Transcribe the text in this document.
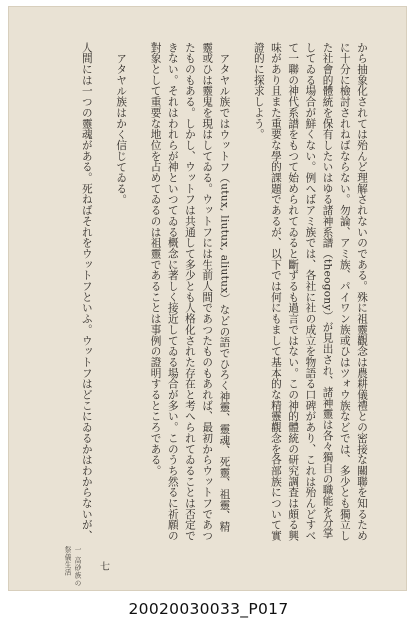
から抽象化されては殆んど理解されないのである。殊に祖靈觀念は農耕儀禮との密接な關聯を知るために十分に檢討されねばならない。勿論、アミ族、パイワン族或ひはツォウ族などでは、多少とも獨立した社會的體統を保有したいはゆる諸神系譜（theogony）が見出され、諸神靈は各々獨自の職能を分掌してゐる場合が鮮くない。例へばアミ族では、各社に社の成立を物語る口碑があり、これは殆んどすべて一聯の神代系譜をもつて始められてゐると斷ずるも過言ではない。この神的體統の研究調査は頗る興味があり且また重要な學的課題であるが、以下では何にもまして基本的な精靈觀念を各部族について實證的に探求しよう。

アタヤル族ではウットフ（utux, liutux, aliutux）などの語でひろく神靈、靈魂、死靈、祖靈、精靈或ひは靈鬼を現はしてゐる。ウットフには生前人間であつたものもあれば、最初からウットフであつたものもある。しかし、ウットフは共通して多少とも人格化された存在と考へられてゐることは否定できない。それはわれらが神といつてゐる概念に著しく接近してゐる場合が多い。このうち然るに祈願の對象として重要な地位を占めてゐるのは祖靈であることは事例の證明するところである。

アタヤル族はかく信じてゐる。

人間には一つの靈魂がある。死ねばそれをウットフといふ。ウットフはどこにゐるかはわからないが、

一 高砂族の祭儀生活	七
20020030033_P017
